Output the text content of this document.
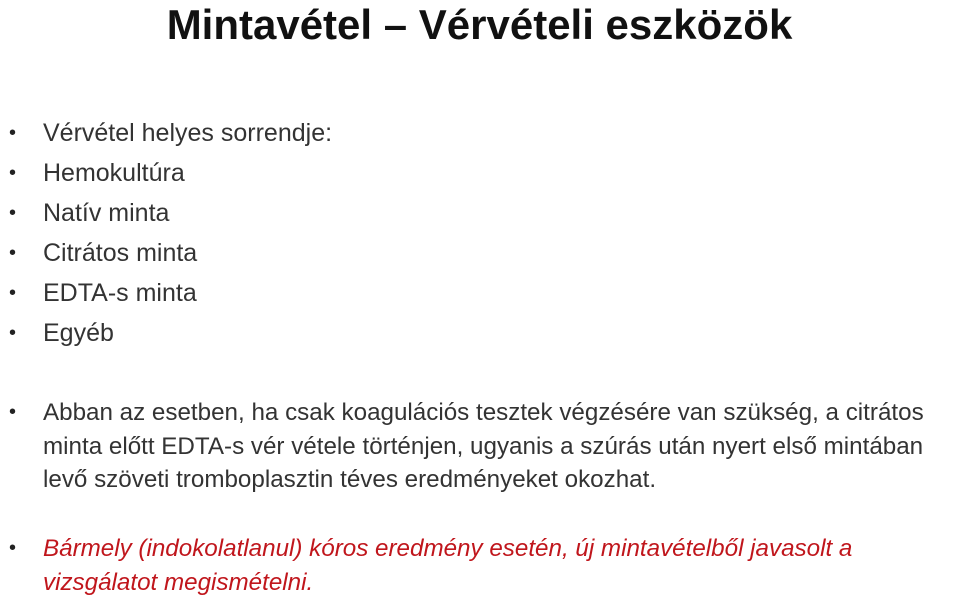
Mintavétel – Vérvételi eszközök
• Vérvétel helyes sorrendje:
• Hemokultúra
• Natív minta
• Citrátos minta
• EDTA-s minta
• Egyéb
• Abban az esetben, ha csak koagulációs tesztek végzésére van szükség, a citrátos minta előtt EDTA-s vér vétele történjen, ugyanis a szúrás után nyert első mintában levő szöveti tromboplasztin téves eredményeket okozhat.
• Bármely (indokolatlanul) kóros eredmény esetén, új mintavételből javasolt a vizsgálatot megismételni.
